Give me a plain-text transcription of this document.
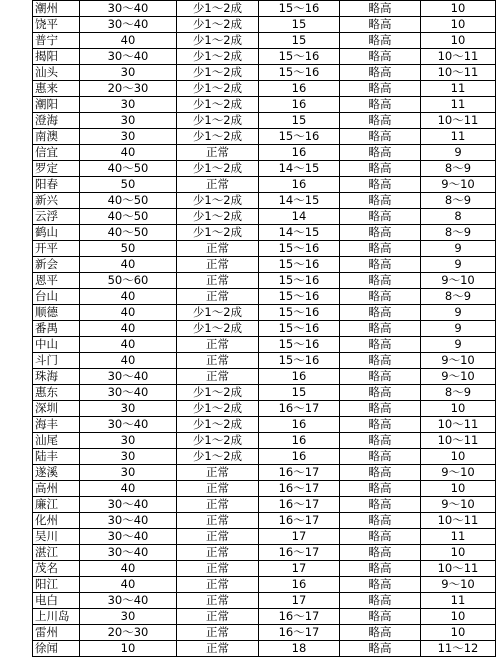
潮州	30～40	少1～2成	15～16	略高	10
饶平	30～40	少1～2成	15	略高	10
普宁	40	少1～2成	15	略高	10
揭阳	30～40	少1～2成	15～16	略高	10～11
汕头	30	少1～2成	15～16	略高	10～11
惠来	20～30	少1～2成	16	略高	11
潮阳	30	少1～2成	16	略高	11
澄海	30	少1～2成	15	略高	10～11
南澳	30	少1～2成	15～16	略高	11
信宜	40	正常	16	略高	9
罗定	40～50	少1～2成	14～15	略高	8～9
阳春	50	正常	16	略高	9～10
新兴	40～50	少1～2成	14～15	略高	8～9
云浮	40～50	少1～2成	14	略高	8
鹤山	40～50	少1～2成	14～15	略高	8～9
开平	50	正常	15～16	略高	9
新会	40	正常	15～16	略高	9
恩平	50～60	正常	15～16	略高	9～10
台山	40	正常	15～16	略高	8～9
顺德	40	少1～2成	15～16	略高	9
番禺	40	少1～2成	15～16	略高	9
中山	40	正常	15～16	略高	9
斗门	40	正常	15～16	略高	9～10
珠海	30～40	正常	16	略高	9～10
惠东	30～40	少1～2成	15	略高	8～9
深圳	30	少1～2成	16～17	略高	10
海丰	30～40	少1～2成	16	略高	10～11
汕尾	30	少1～2成	16	略高	10～11
陆丰	30	少1～2成	16	略高	10
遂溪	30	正常	16～17	略高	9～10
高州	40	正常	16～17	略高	10
廉江	30～40	正常	16～17	略高	9～10
化州	30～40	正常	16～17	略高	10～11
吴川	30～40	正常	17	略高	11
湛江	30～40	正常	16～17	略高	10
茂名	40	正常	17	略高	10～11
阳江	40	正常	16	略高	9～10
电白	30～40	正常	17	略高	11
上川岛	30	正常	16～17	略高	10
雷州	20～30	正常	16～17	略高	10
徐闻	10	正常	18	略高	11～12
